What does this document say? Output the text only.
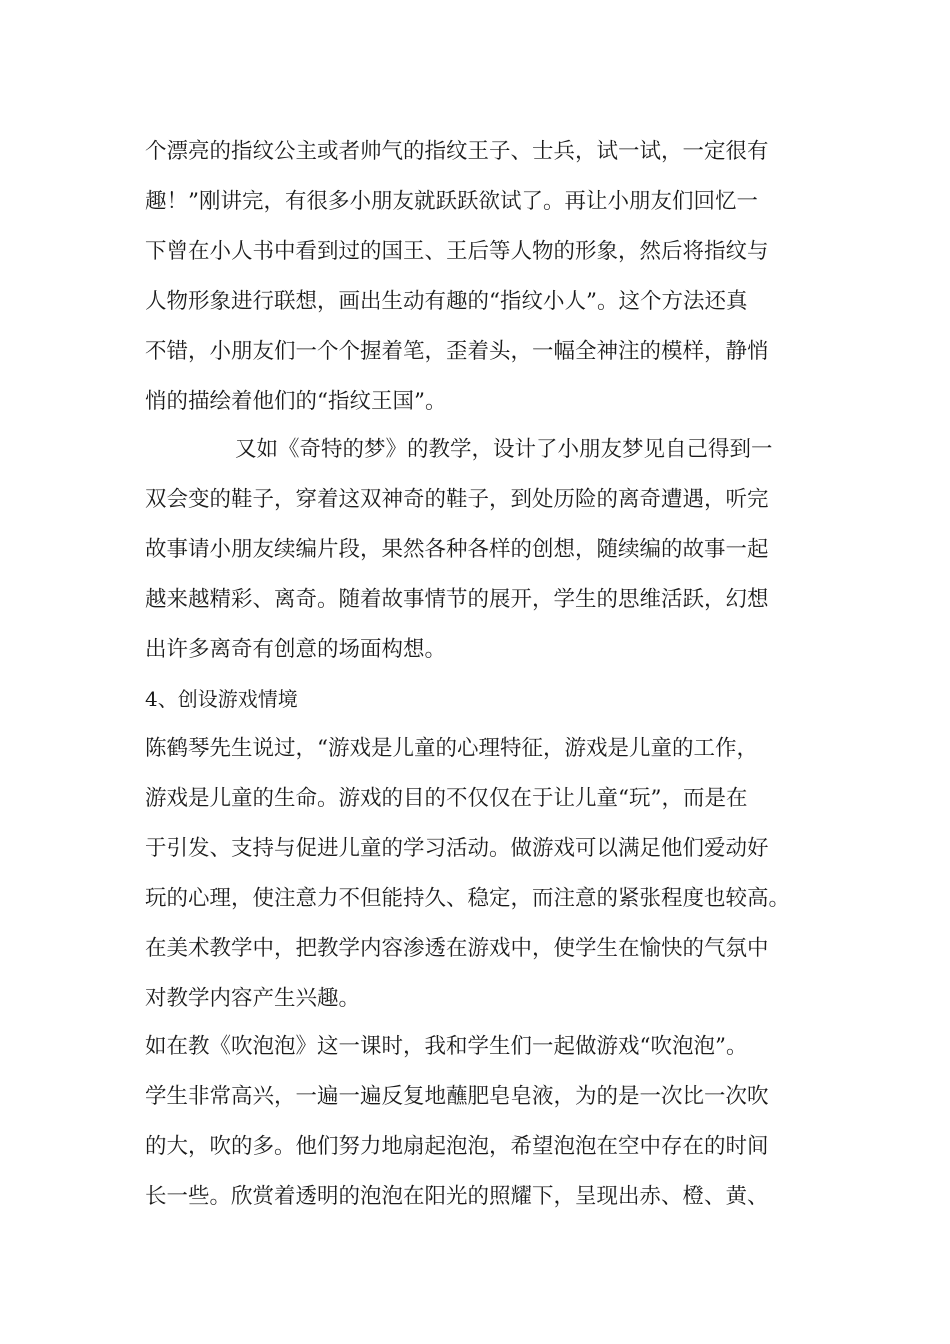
个漂亮的指纹公主或者帅气的指纹王子、士兵，试一试，一定很有
趣！”刚讲完，有很多小朋友就跃跃欲试了。再让小朋友们回忆一
下曾在小人书中看到过的国王、王后等人物的形象，然后将指纹与
人物形象进行联想，画出生动有趣的“指纹小人”。这个方法还真
不错，小朋友们一个个握着笔，歪着头，一幅全神注的模样，静悄
悄的描绘着他们的“指纹王国”。
又如《奇特的梦》的教学，设计了小朋友梦见自己得到一
双会变的鞋子，穿着这双神奇的鞋子，到处历险的离奇遭遇，听完
故事请小朋友续编片段，果然各种各样的创想，随续编的故事一起
越来越精彩、离奇。随着故事情节的展开，学生的思维活跃，幻想
出许多离奇有创意的场面构想。
4、创设游戏情境
陈鹤琴先生说过，“游戏是儿童的心理特征，游戏是儿童的工作，
游戏是儿童的生命。游戏的目的不仅仅在于让儿童“玩”，而是在
于引发、支持与促进儿童的学习活动。做游戏可以满足他们爱动好
玩的心理，使注意力不但能持久、稳定，而注意的紧张程度也较高。
在美术教学中，把教学内容渗透在游戏中，使学生在愉快的气氛中
对教学内容产生兴趣。
如在教《吹泡泡》这一课时，我和学生们一起做游戏“吹泡泡”。
学生非常高兴，一遍一遍反复地蘸肥皂皂液，为的是一次比一次吹
的大，吹的多。他们努力地扇起泡泡，希望泡泡在空中存在的时间
长一些。欣赏着透明的泡泡在阳光的照耀下，呈现出赤、橙、黄、
